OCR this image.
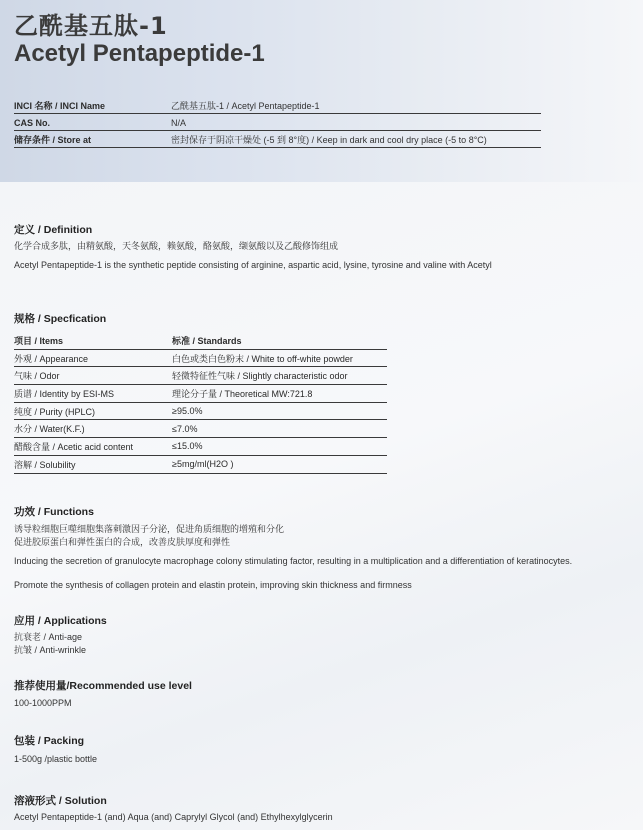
乙酰基五肽-1
Acetyl Pentapeptide-1
INCI 名称 / INCI Name	乙酰基五肽-1 / Acetyl Pentapeptide-1
CAS No.	N/A
储存条件 / Store at	密封保存于阴凉干燥处 (-5 到 8°度) / Keep in dark and cool dry place (-5 to 8°C)
定义 / Definition
化学合成多肽，由精氨酸，天冬氨酸，赖氨酸，酪氨酸，缬氨酸以及乙酸修饰组成
Acetyl Pentapeptide-1 is the synthetic peptide consisting of arginine, aspartic acid, lysine, tyrosine and valine with Acetyl
规格 / Specfication
项目 / Items	标准 / Standards
外观 / Appearance	白色或类白色粉末 / White to off-white powder
气味 / Odor	轻微特征性气味 / Slightly characteristic odor
质谱 / Identity by ESI-MS	理论分子量 / Theoretical MW:721.8
纯度 / Purity (HPLC)	≥95.0%
水分 / Water(K.F.)	≤7.0%
醋酸含量 / Acetic acid content	≤15.0%
溶解 / Solubility	≥5mg/ml(H2O )
功效 / Functions
诱导粒细胞巨噬细胞集落刺激因子分泌，促进角质细胞的增殖和分化
促进胶原蛋白和弹性蛋白的合成，改善皮肤厚度和弹性
Inducing the secretion of granulocyte macrophage colony stimulating factor, resulting in a multiplication and a differentiation of keratinocytes.
Promote the synthesis of collagen protein and elastin protein, improving skin thickness and firmness
应用 / Applications
抗衰老 / Anti-age
抗皱 / Anti-wrinkle
推荐使用量/Recommended use level
100-1000PPM
包装 / Packing
1-500g /plastic bottle
溶液形式 / Solution
Acetyl Pentapeptide-1 (and) Aqua (and) Caprylyl Glycol (and) Ethylhexylglycerin
